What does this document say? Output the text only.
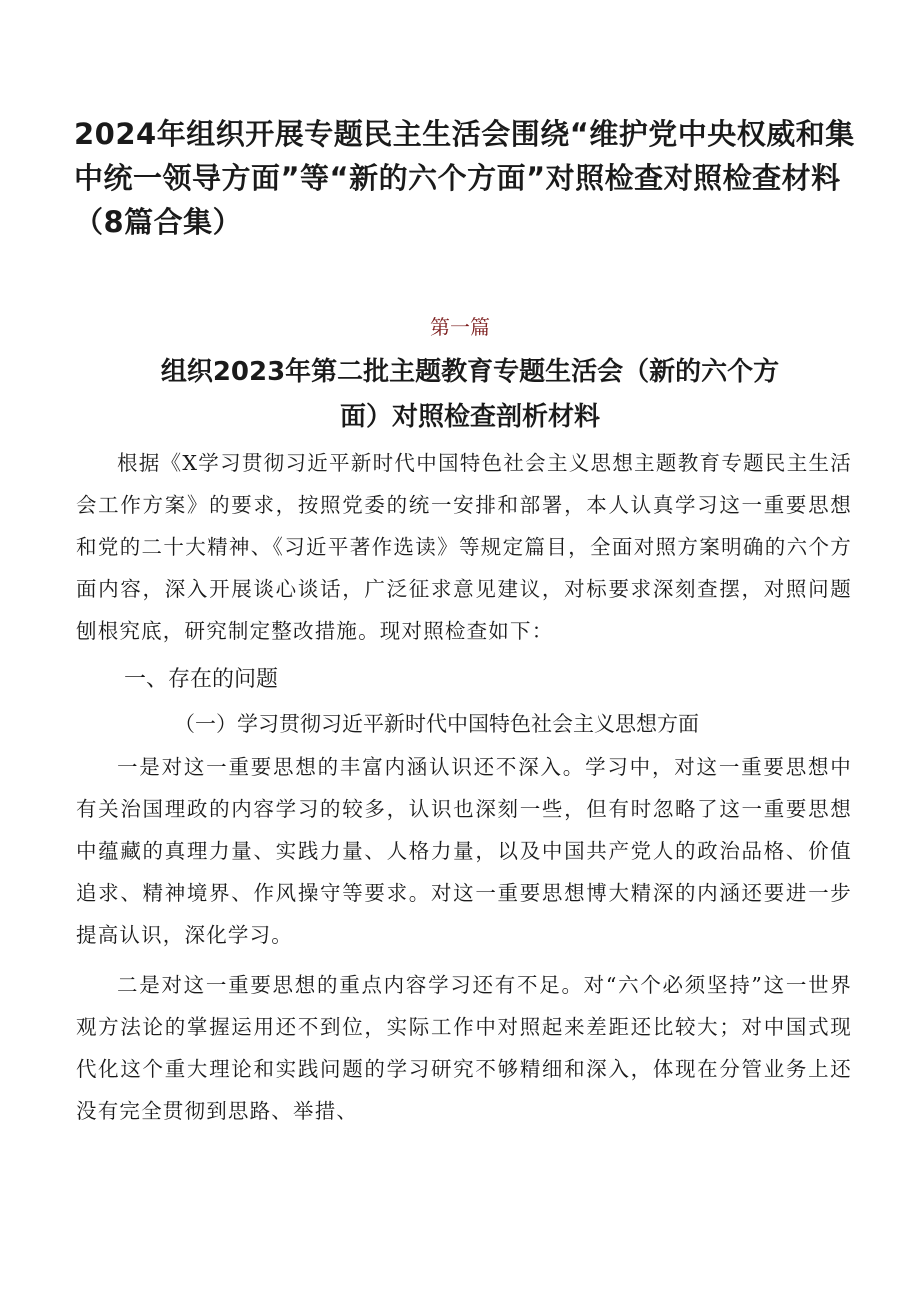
2024年组织开展专题民主生活会围绕“维护党中央权威和集中统一领导方面”等“新的六个方面”对照检查对照检查材料（8篇合集）
第一篇
组织2023年第二批主题教育专题生活会（新的六个方
面）对照检查剖析材料

根据《X学习贯彻习近平新时代中国特色社会主义思想主题教育专题民主生活会工作方案》的要求，按照党委的统一安排和部署，本人认真学习这一重要思想和党的二十大精神、《习近平著作选读》等规定篇目，全面对照方案明确的六个方面内容，深入开展谈心谈话，广泛征求意见建议，对标要求深刻查摆，对照问题刨根究底，研究制定整改措施。现对照检查如下：

一、存在的问题
（一）学习贯彻习近平新时代中国特色社会主义思想方面

一是对这一重要思想的丰富内涵认识还不深入。学习中，对这一重要思想中有关治国理政的内容学习的较多，认识也深刻一些，但有时忽略了这一重要思想中蕴藏的真理力量、实践力量、人格力量，以及中国共产党人的政治品格、价值追求、精神境界、作风操守等要求。对这一重要思想博大精深的内涵还要进一步提高认识，深化学习。

二是对这一重要思想的重点内容学习还有不足。对“六个必须坚持”这一世界观方法论的掌握运用还不到位，实际工作中对照起来差距还比较大；对中国式现代化这个重大理论和实践问题的学习研究不够精细和深入，体现在分管业务上还没有完全贯彻到思路、举措、
